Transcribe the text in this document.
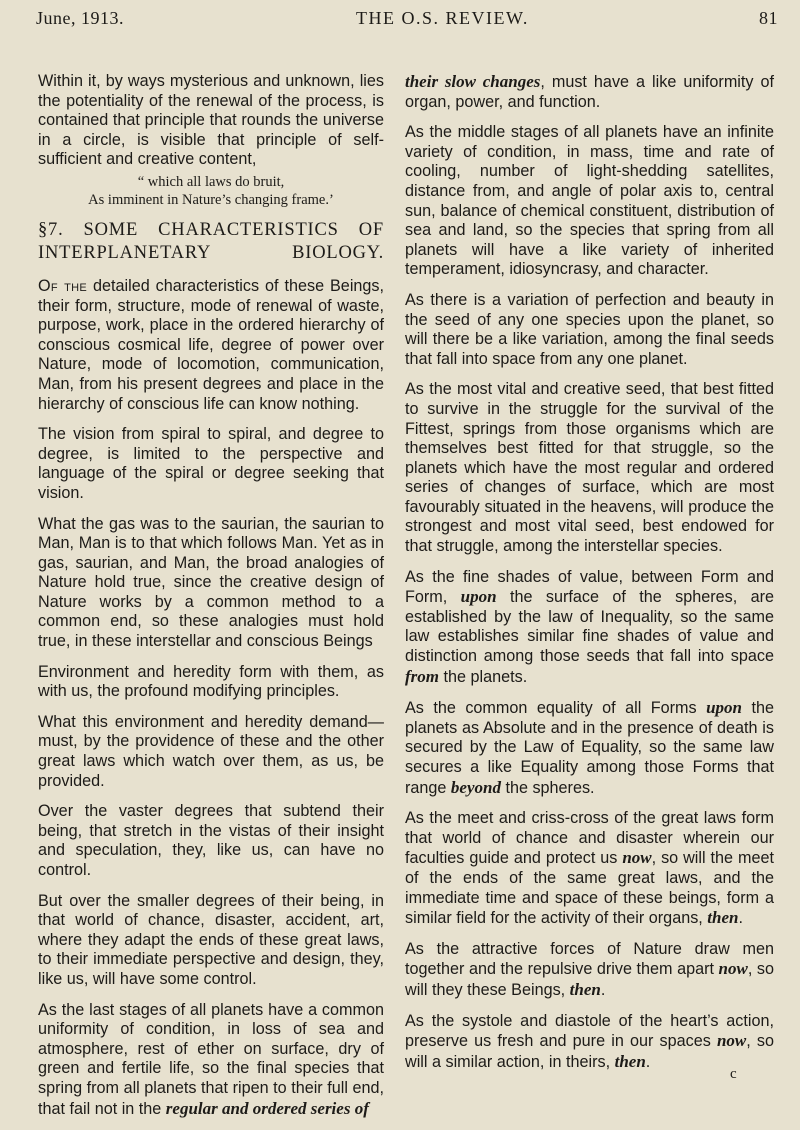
June, 1913.	THE O.S. REVIEW.	81

Within it, by ways mysterious and unknown, lies the potentiality of the renewal of the process, is contained that principle that rounds the universe in a circle, is visible that principle of self-sufficient and creative content,

“ which all laws do bruit,
As imminent in Nature’s changing frame.’
§7. SOME CHARACTERISTICS OF
INTERPLANETARY BIOLOGY.

Of the detailed characteristics of these Beings, their form, structure, mode of renewal of waste, purpose, work, place in the ordered hierarchy of conscious cosmical life, degree of power over Nature, mode of locomotion, communication, Man, from his present degrees and place in the hierarchy of conscious life can know nothing.

The vision from spiral to spiral, and degree to degree, is limited to the perspective and language of the spiral or degree seeking that vision.

What the gas was to the saurian, the saurian to Man, Man is to that which follows Man. Yet as in gas, saurian, and Man, the broad analogies of Nature hold true, since the creative design of Nature works by a common method to a common end, so these analogies must hold true, in these interstellar and conscious Beings

Environment and heredity form with them, as with us, the profound modifying principles.

What this environment and heredity demand— must, by the providence of these and the other great laws which watch over them, as us, be provided.

Over the vaster degrees that subtend their being, that stretch in the vistas of their insight and speculation, they, like us, can have no control.

But over the smaller degrees of their being, in that world of chance, disaster, accident, art, where they adapt the ends of these great laws, to their immediate perspective and design, they, like us, will have some control.

As the last stages of all planets have a common uniformity of condition, in loss of sea and atmosphere, rest of ether on surface, dry of green and fertile life, so the final species that spring from all planets that ripen to their full end, that fail not in the regular and ordered series of

their slow changes, must have a like uniformity of organ, power, and function.

As the middle stages of all planets have an infinite variety of condition, in mass, time and rate of cooling, number of light-shedding satellites, distance from, and angle of polar axis to, central sun, balance of chemical constituent, distribution of sea and land, so the species that spring from all planets will have a like variety of inherited temperament, idiosyncrasy, and character.

As there is a variation of perfection and beauty in the seed of any one species upon the planet, so will there be a like variation, among the final seeds that fall into space from any one planet.

As the most vital and creative seed, that best fitted to survive in the struggle for the survival of the Fittest, springs from those organisms which are themselves best fitted for that struggle, so the planets which have the most regular and ordered series of changes of surface, which are most favourably situated in the heavens, will produce the strongest and most vital seed, best endowed for that struggle, among the interstellar species.

As the fine shades of value, between Form and Form, upon the surface of the spheres, are established by the law of Inequality, so the same law establishes similar fine shades of value and distinction among those seeds that fall into space from the planets.

As the common equality of all Forms upon the planets as Absolute and in the presence of death is secured by the Law of Equality, so the same law secures a like Equality among those Forms that range beyond the spheres.

As the meet and criss-cross of the great laws form that world of chance and disaster wherein our faculties guide and protect us now, so will the meet of the ends of the same great laws, and the immediate time and space of these beings, form a similar field for the activity of their organs, then.

As the attractive forces of Nature draw men together and the repulsive drive them apart now, so will they these Beings, then.

As the systole and diastole of the heart’s action, preserve us fresh and pure in our spaces now, so will a similar action, in theirs, then.

c
